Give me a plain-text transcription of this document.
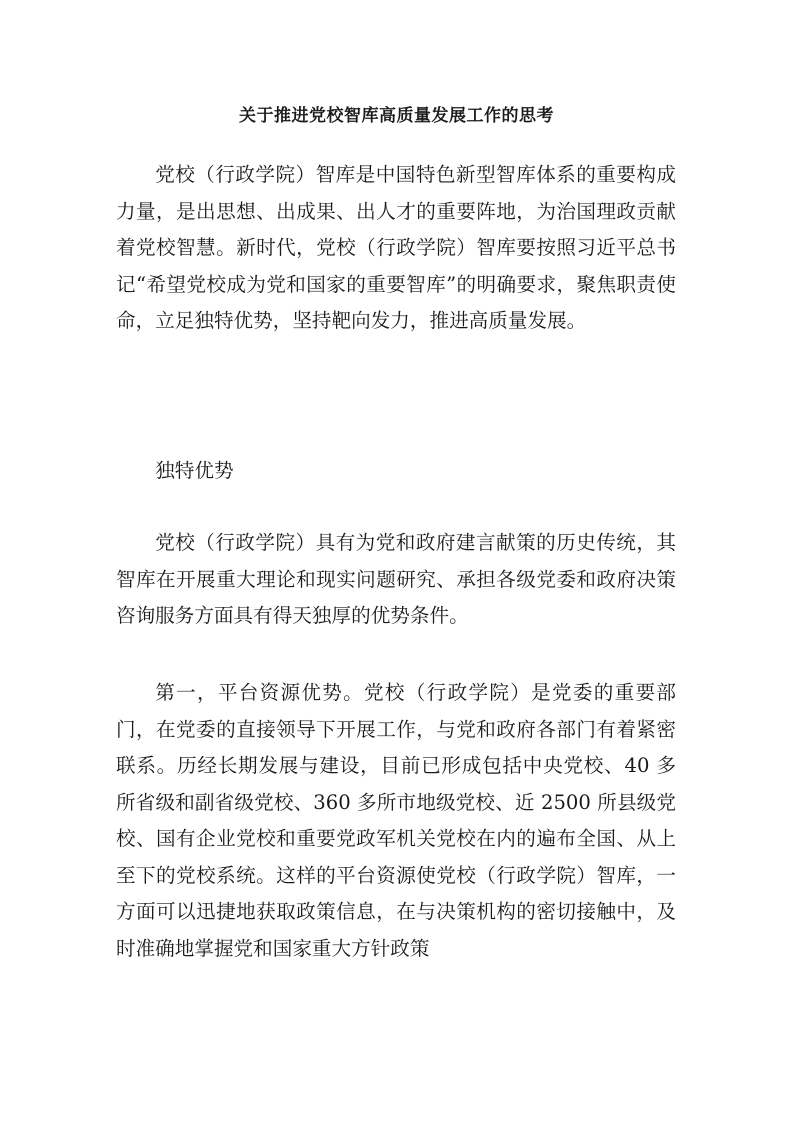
关于推进党校智库高质量发展工作的思考

党校（行政学院）智库是中国特色新型智库体系的重要构成力量，是出思想、出成果、出人才的重要阵地，为治国理政贡献着党校智慧。新时代，党校（行政学院）智库要按照习近平总书记“希望党校成为党和国家的重要智库”的明确要求，聚焦职责使命，立足独特优势，坚持靶向发力，推进高质量发展。

独特优势

党校（行政学院）具有为党和政府建言献策的历史传统，其智库在开展重大理论和现实问题研究、承担各级党委和政府决策咨询服务方面具有得天独厚的优势条件。

第一，平台资源优势。党校（行政学院）是党委的重要部门，在党委的直接领导下开展工作，与党和政府各部门有着紧密联系。历经长期发展与建设，目前已形成包括中央党校、40 多所省级和副省级党校、360 多所市地级党校、近 2500 所县级党校、国有企业党校和重要党政军机关党校在内的遍布全国、从上至下的党校系统。这样的平台资源使党校（行政学院）智库，一方面可以迅捷地获取政策信息，在与决策机构的密切接触中，及时准确地掌握党和国家重大方针政策
